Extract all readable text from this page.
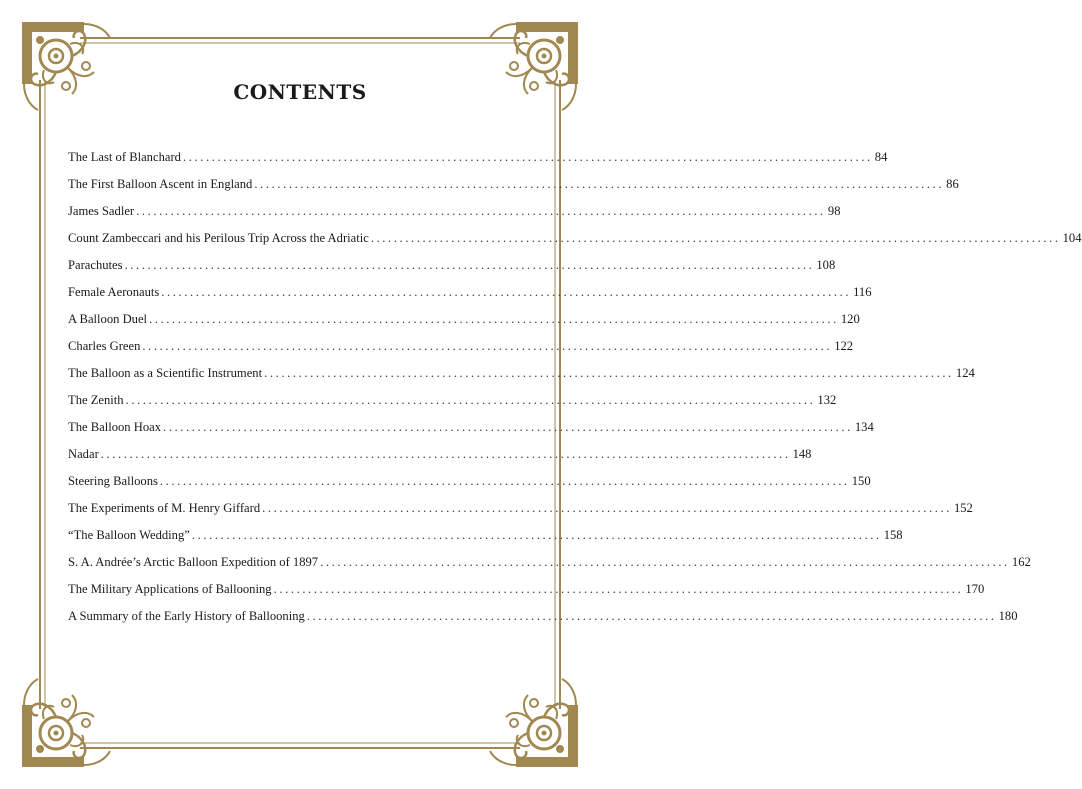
CONTENTS
The Last of Blanchard ........................................................................................................................ 84
The First Balloon Ascent in England ........................................................................................................................ 86
James Sadler ........................................................................................................................ 98
Count Zambeccari and his Perilous Trip Across the Adriatic ........................................................................................................................ 104
Parachutes ........................................................................................................................ 108
Female Aeronauts ........................................................................................................................ 116
A Balloon Duel ........................................................................................................................ 120
Charles Green ........................................................................................................................ 122
The Balloon as a Scientific Instrument ........................................................................................................................ 124
The Zenith ........................................................................................................................ 132
The Balloon Hoax ........................................................................................................................ 134
Nadar ........................................................................................................................ 148
Steering Balloons ........................................................................................................................ 150
The Experiments of M. Henry Giffard ........................................................................................................................ 152
“The Balloon Wedding” ........................................................................................................................ 158
S. A. Andrée’s Arctic Balloon Expedition of 1897 ........................................................................................................................ 162
The Military Applications of Ballooning ........................................................................................................................ 170
A Summary of the Early History of Ballooning ........................................................................................................................ 180
